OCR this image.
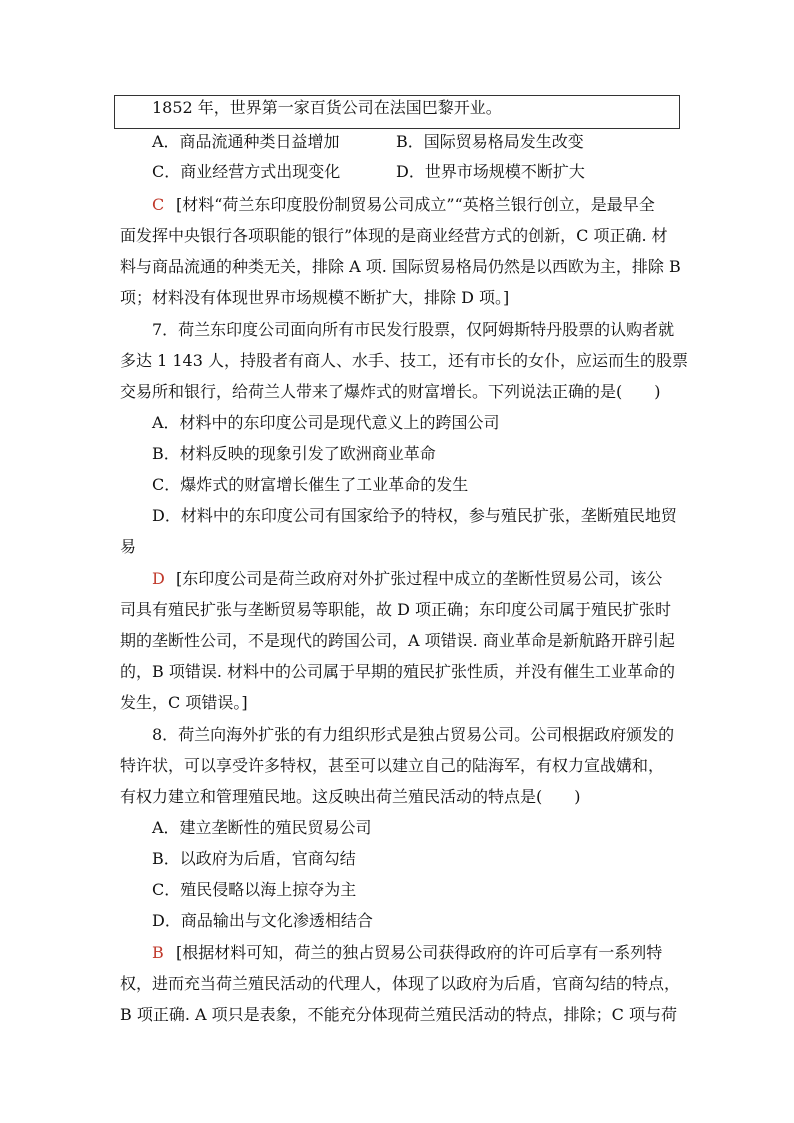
1852 年，世界第一家百货公司在法国巴黎开业。
A．商品流通种类日益增加	B．国际贸易格局发生改变
C．商业经营方式出现变化	D．世界市场规模不断扩大
C [材料“荷兰东印度股份制贸易公司成立”“英格兰银行创立，是最早全
面发挥中央银行各项职能的银行”体现的是商业经营方式的创新，C 项正确. 材
料与商品流通的种类无关，排除 A 项. 国际贸易格局仍然是以西欧为主，排除 B
项；材料没有体现世界市场规模不断扩大，排除 D 项。]
7．荷兰东印度公司面向所有市民发行股票，仅阿姆斯特丹股票的认购者就
多达 1 143 人，持股者有商人、水手、技工，还有市长的女仆，应运而生的股票
交易所和银行，给荷兰人带来了爆炸式的财富增长。下列说法正确的是(　　)
A．材料中的东印度公司是现代意义上的跨国公司
B．材料反映的现象引发了欧洲商业革命
C．爆炸式的财富增长催生了工业革命的发生
D．材料中的东印度公司有国家给予的特权，参与殖民扩张，垄断殖民地贸
易
D [东印度公司是荷兰政府对外扩张过程中成立的垄断性贸易公司，该公
司具有殖民扩张与垄断贸易等职能，故 D 项正确；东印度公司属于殖民扩张时
期的垄断性公司，不是现代的跨国公司，A 项错误. 商业革命是新航路开辟引起
的，B 项错误. 材料中的公司属于早期的殖民扩张性质，并没有催生工业革命的
发生，C 项错误。]
8．荷兰向海外扩张的有力组织形式是独占贸易公司。公司根据政府颁发的
特许状，可以享受许多特权，甚至可以建立自己的陆海军，有权力宣战媾和，
有权力建立和管理殖民地。这反映出荷兰殖民活动的特点是(　　)
A．建立垄断性的殖民贸易公司
B．以政府为后盾，官商勾结
C．殖民侵略以海上掠夺为主
D．商品输出与文化渗透相结合
B [根据材料可知，荷兰的独占贸易公司获得政府的许可后享有一系列特
权，进而充当荷兰殖民活动的代理人，体现了以政府为后盾，官商勾结的特点，
B 项正确. A 项只是表象，不能充分体现荷兰殖民活动的特点，排除；C 项与荷
